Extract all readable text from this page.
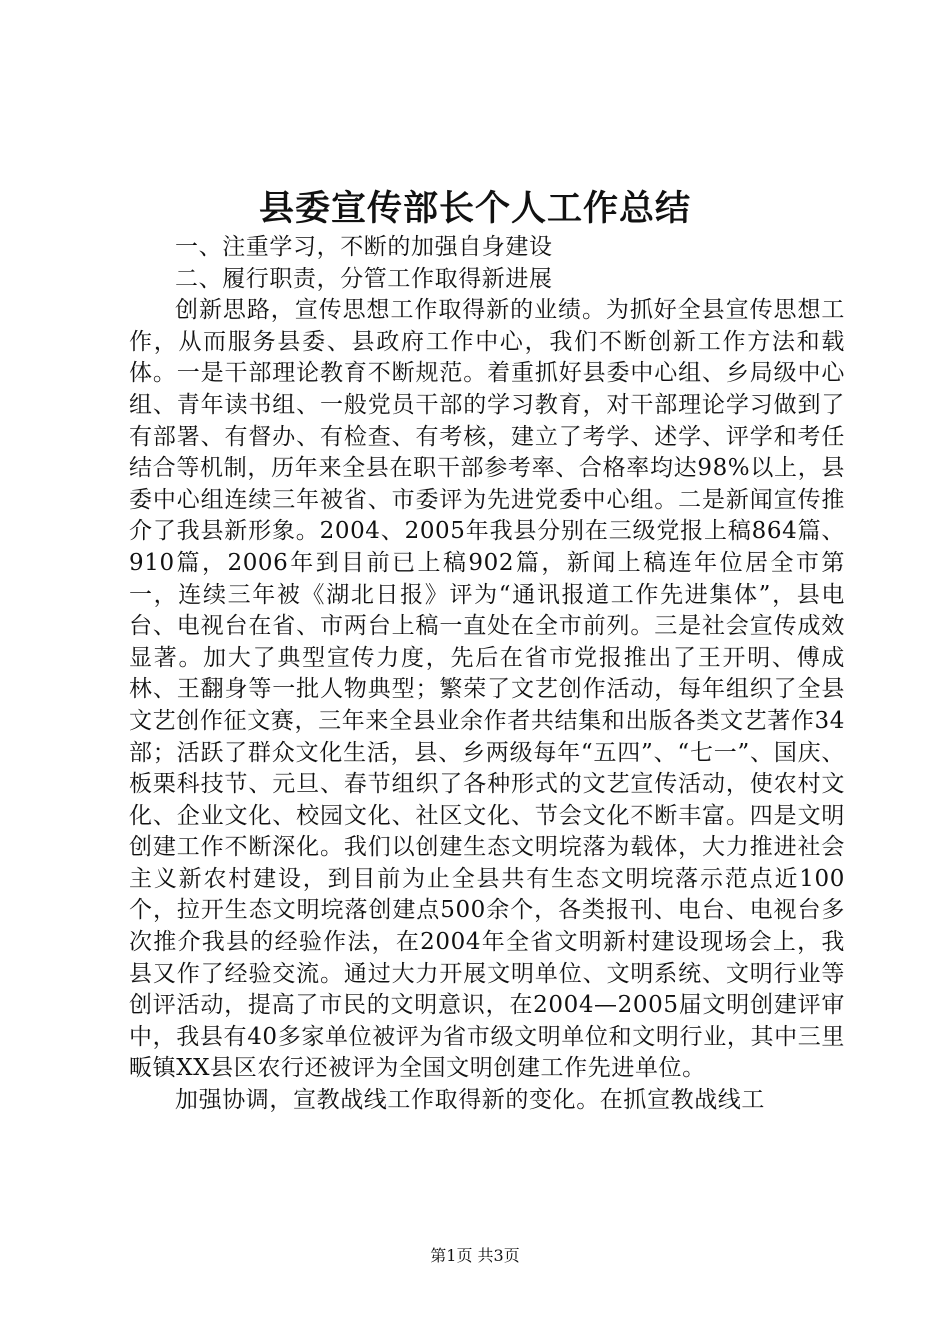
县委宣传部长个人工作总结

一、注重学习，不断的加强自身建设

二、履行职责，分管工作取得新进展

创新思路，宣传思想工作取得新的业绩。为抓好全县宣传思想工作，从而服务县委、县政府工作中心，我们不断创新工作方法和载体。一是干部理论教育不断规范。着重抓好县委中心组、乡局级中心组、青年读书组、一般党员干部的学习教育，对干部理论学习做到了有部署、有督办、有检查、有考核，建立了考学、述学、评学和考任结合等机制，历年来全县在职干部参考率、合格率均达98%以上，县委中心组连续三年被省、市委评为先进党委中心组。二是新闻宣传推介了我县新形象。2004、2005年我县分别在三级党报上稿864篇、910篇，2006年到目前已上稿902篇，新闻上稿连年位居全市第一，连续三年被《湖北日报》评为“通讯报道工作先进集体”，县电台、电视台在省、市两台上稿一直处在全市前列。三是社会宣传成效显著。加大了典型宣传力度，先后在省市党报推出了王开明、傅成林、王翻身等一批人物典型；繁荣了文艺创作活动，每年组织了全县文艺创作征文赛，三年来全县业余作者共结集和出版各类文艺著作34部；活跃了群众文化生活，县、乡两级每年“五四”、“七一”、国庆、板栗科技节、元旦、春节组织了各种形式的文艺宣传活动，使农村文化、企业文化、校园文化、社区文化、节会文化不断丰富。四是文明创建工作不断深化。我们以创建生态文明垸落为载体，大力推进社会主义新农村建设，到目前为止全县共有生态文明垸落示范点近100个，拉开生态文明垸落创建点500余个，各类报刊、电台、电视台多次推介我县的经验作法，在2004年全省文明新村建设现场会上，我县又作了经验交流。通过大力开展文明单位、文明系统、文明行业等创评活动，提高了市民的文明意识，在2004—2005届文明创建评审中，我县有40多家单位被评为省市级文明单位和文明行业，其中三里畈镇XX县区农行还被评为全国文明创建工作先进单位。

加强协调，宣教战线工作取得新的变化。在抓宣教战线工

第1页 共3页
